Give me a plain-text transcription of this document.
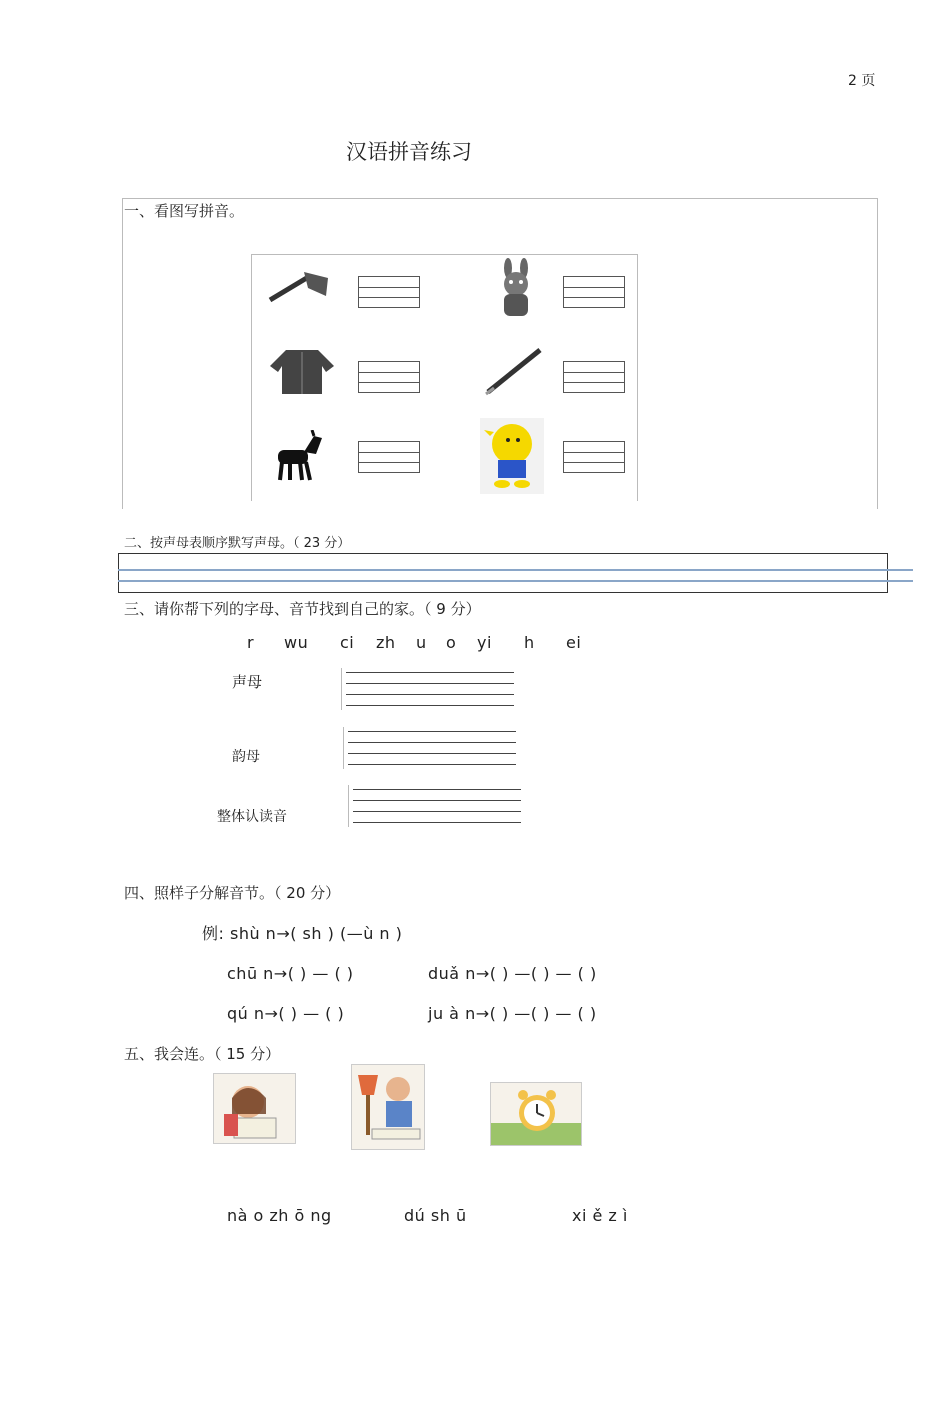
2 页
汉语拼音练习
一、看图写拼音。
二、按声母表顺序默写声母。（ 23 分）
三、请你帮下列的字母、音节找到自己的家。（ 9 分）
r wu ci zh u o yi h ei
声母
韵母
整体认读音
四、照样子分解音节。（ 20 分）
例: shù n→( sh ) (—ù n )
chū n→( ) — ( )	duǎ n→( ) —( ) — ( )
qú n→( ) — ( )	ju à n→( ) —( ) — ( )
五、我会连。（ 15 分）
nà o zh ō ng	dú sh ū	xi ě z ì
